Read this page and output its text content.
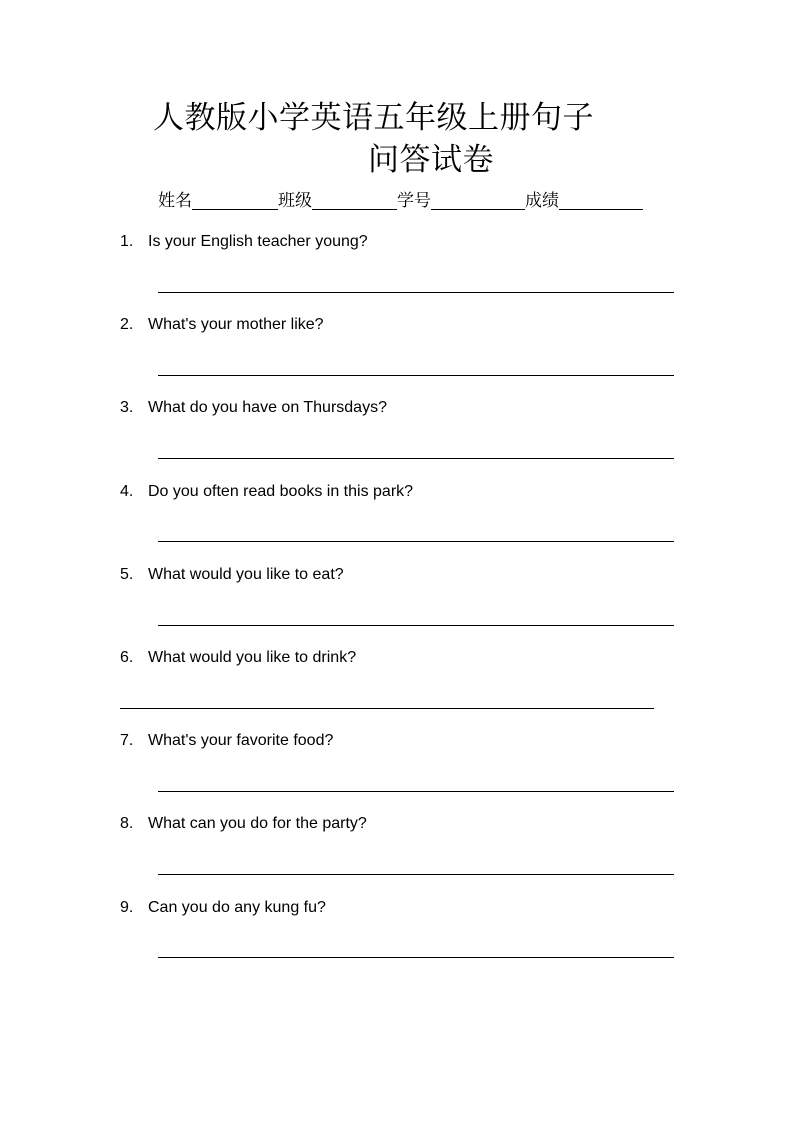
人教版小学英语五年级上册句子
问答试卷
姓名	班级	学号	成绩
1. Is your English teacher young?
2. What's your mother like?
3. What do you have on Thursdays?
4. Do you often read books in this park?
5. What would you like to eat?
6. What would you like to drink?
7. What's your favorite food?
8. What can you do for the party?
9. Can you do any kung fu?
